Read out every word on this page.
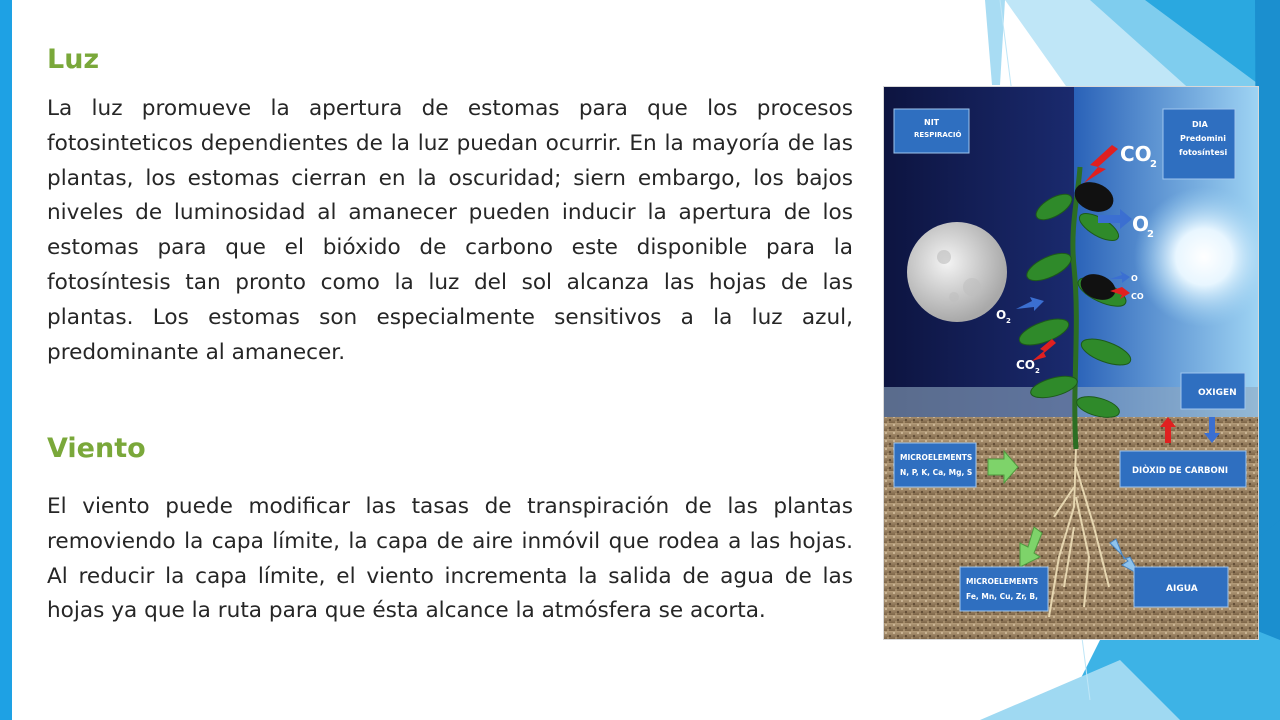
Luz

La luz promueve la apertura de estomas para que los procesos fotosinteticos dependientes de la luz puedan ocurrir. En la mayoría de las plantas, los estomas cierran en la oscuridad; siern embargo, los bajos niveles de luminosidad al amanecer pueden inducir la apertura de los estomas para que el bióxido de carbono este disponible para la fotosíntesis tan pronto como la luz del sol alcanza las hojas de las plantas. Los estomas son especialmente sensitivos a la luz azul, predominante al amanecer.

Viento

El viento puede modificar las tasas de transpiración de las plantas removiendo la capa límite, la capa de aire inmóvil que rodea a las hojas. Al reducir la capa límite, el viento incrementa la salida de agua de las hojas ya que la ruta para que ésta alcance la atmósfera se acorta.

NIT
RESPIRACIÓ
DIA
Predomini
fotosíntesi
CO
2
O
2
O
CO
O 2
CO 2
OXIGEN
DIÒXID DE CARBONI
MICROELEMENTS
N, P, K, Ca, Mg, S
MICROELEMENTS
Fe, Mn, Cu, Zr, B,
AIGUA
